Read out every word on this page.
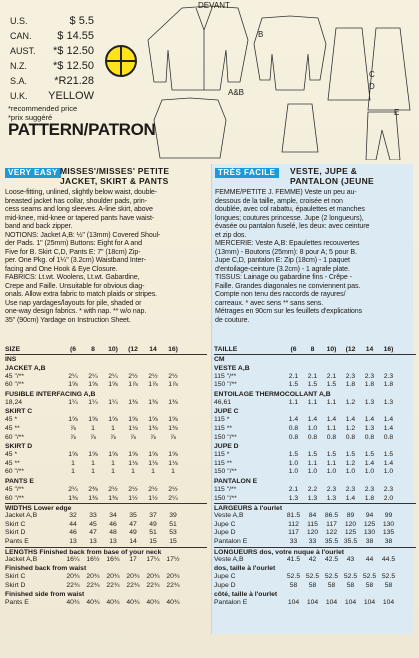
U.S.	$ 5.5
CAN.	$ 14.55
AUST.	*$ 12.50
N.Z.	*$ 12.50
S.A.	*R21.28
U.K.	YELLOW
*recommended price
*prix suggéré
PATTERN/PATRON
DEVANT
B
C
D
A&B
E
VERY EASY MISSES'/MISSES' PETITE
JACKET, SKIRT & PANTS
Loose-fitting, unlined, slightly below waist, double-
breasted jacket has collar, shoulder pads, prin-
cess seams and long sleeves. A-line skirt, above
mid-knee, mid-knee or tapered pants have waist-
band and back zipper.
NOTIONS: Jacket A,B: ½" (13mm) Covered Shoul-
der Pads. 1" (25mm) Buttons: Eight for A and
Five for B. Skirt C,D, Pants E: 7" (18cm) Zip-
per. One Pkg. of 1¼" (3.2cm) Waistband Inter-
facing and One Hook & Eye Closure.
FABRICS: Lt.wt. Woolens, Lt.wt. Gabardine,
Crepe and Faille. Unsuitable for obvious diag-
onals. Allow extra fabric to match plaids or stripes.
Use nap yardages/layouts for pile, shaded or
one-way design fabrics. * with nap. ** w/o nap.
35" (90cm) Yardage on Instruction Sheet.
TRÈS FACILE	VESTE, JUPE &
PANTALON (JEUNE
FEMME/PETITE J. FEMME) Veste un peu au-
dessous de la taille, ample, croisée et non
doublée, avec col rabattu, épaulettes et manches
longues; coutures princesse. Jupe (2 longueurs),
évasée ou pantalon fuselé, les deux: avec ceinture
et zip dos.
MERCERIE: Veste A,B: Epaulettes recouvertes
(13mm) - Boutons (25mm): 8 pour A; 5 pour B.
Jupe C,D, pantalon E: Zip (18cm) - 1 paquet
d'entoilage-ceinture (3.2cm) - 1 agrafe plate.
TISSUS: Lainage ou gabardine fins - Crêpe -
Faille. Grandes diagonales ne conviennent pas.
Compte non tenu des raccords de rayures/
carreaux. * avec sens ** sans sens.
Métrages en 90cm sur les feuillets d'explications
de couture.
SIZE	(6	8	10)	(12	14	16)
INS
JACKET A,B
45 "/**	2¼	2¼	2¼	2½	2½	2½
60 "/**	1⅝	1⅝	1⅝	1⅞	1⅞	1⅞
FUSIBLE INTERFACING A,B
18,24	1¼	1¼	1¼	1⅜	1⅜	1⅜
SKIRT C
45 *	1⅝	1⅝	1⅝	1⅝	1⅝	1⅝
45 **	⅞	1	1	1⅛	1⅜	1⅜
60 "/**	⅞	⅞	⅞	⅞	⅞	⅞
SKIRT D
45 *	1⅝	1⅝	1⅝	1⅝	1⅝	1⅝
45 **	1	1	1	1⅛	1⅛	1⅛
60 "/**	1	1	1	1	1	1
PANTS E
45 "/**	2¼	2⅜	2½	2½	2½	2½
60 "/**	1⅜	1⅜	1⅜	1½	1½	2¼
WIDTHS Lower edge
Jacket A,B	32	33	34	35	37	39
Skirt C	44	45	46	47	49	51
Skirt D	46	47	48	49	51	53
Pants E	13	13	13	14	15	15
LENGTHS Finished back from base of your neck
Jacket A,B	16¼ 16½ 16¾	17	17¼ 17½
Finished back from waist
Skirt C	20¾ 20¾ 20¾ 20¾ 20¾ 20¾
Skirt D	22¾ 22¾ 22¾ 22¾ 22¾ 22¾
Finished side from waist
Pants E	40¾ 40¾ 40¾ 40¾ 40¾ 40¾
TAILLE	(6	8	10)	(12	14	16)
CM
VESTE A,B
115 "/**	2.1	2.1	2.1	2.3	2.3	2.3
150 "/**	1.5	1.5	1.5	1.8	1.8	1.8
ENTOILAGE THERMOCOLLANT A,B
46,61	1.1	1.1	1.1	1.2	1.3	1.3
JUPE C
115 *	1.4	1.4	1.4	1.4	1.4	1.4
115 **	0.8	1.0	1.1	1.2	1.3	1.4
150 "/**	0.8	0.8	0.8	0.8	0.8	0.8
JUPE D
115 *	1.5	1.5	1.5	1.5	1.5	1.5
115 **	1.0	1.1	1.1	1.2	1.4	1.4
150 "/**	1.0	1.0	1.0	1.0	1.0	1.0
PANTALON E
115 "/**	2.1	2.2	2.3	2.3	2.3	2.3
150 "/**	1.3	1.3	1.3	1.4	1.8	2.0
LARGEURS à l'ourlet
Veste A,B	81.5	84	86.5	89	94	99
Jupe C	112	115	117	120	125	130
Jupe D	117	120	122	125	130	135
Pantalon E	33	33	35.5 35.5	38	38
LONGUEURS dos, votre nuque à l'ourlet
Veste A,B	41.5	42	42.5	43	44	44.5
dos, taille à l'ourlet
Jupe C	52.5 52.5 52.5 52.5 52.5 52.5
Jupe D	58	58	58	58	58	58
côté, taille à l'ourlet
Pantalon E	104	104	104	104	104	104
